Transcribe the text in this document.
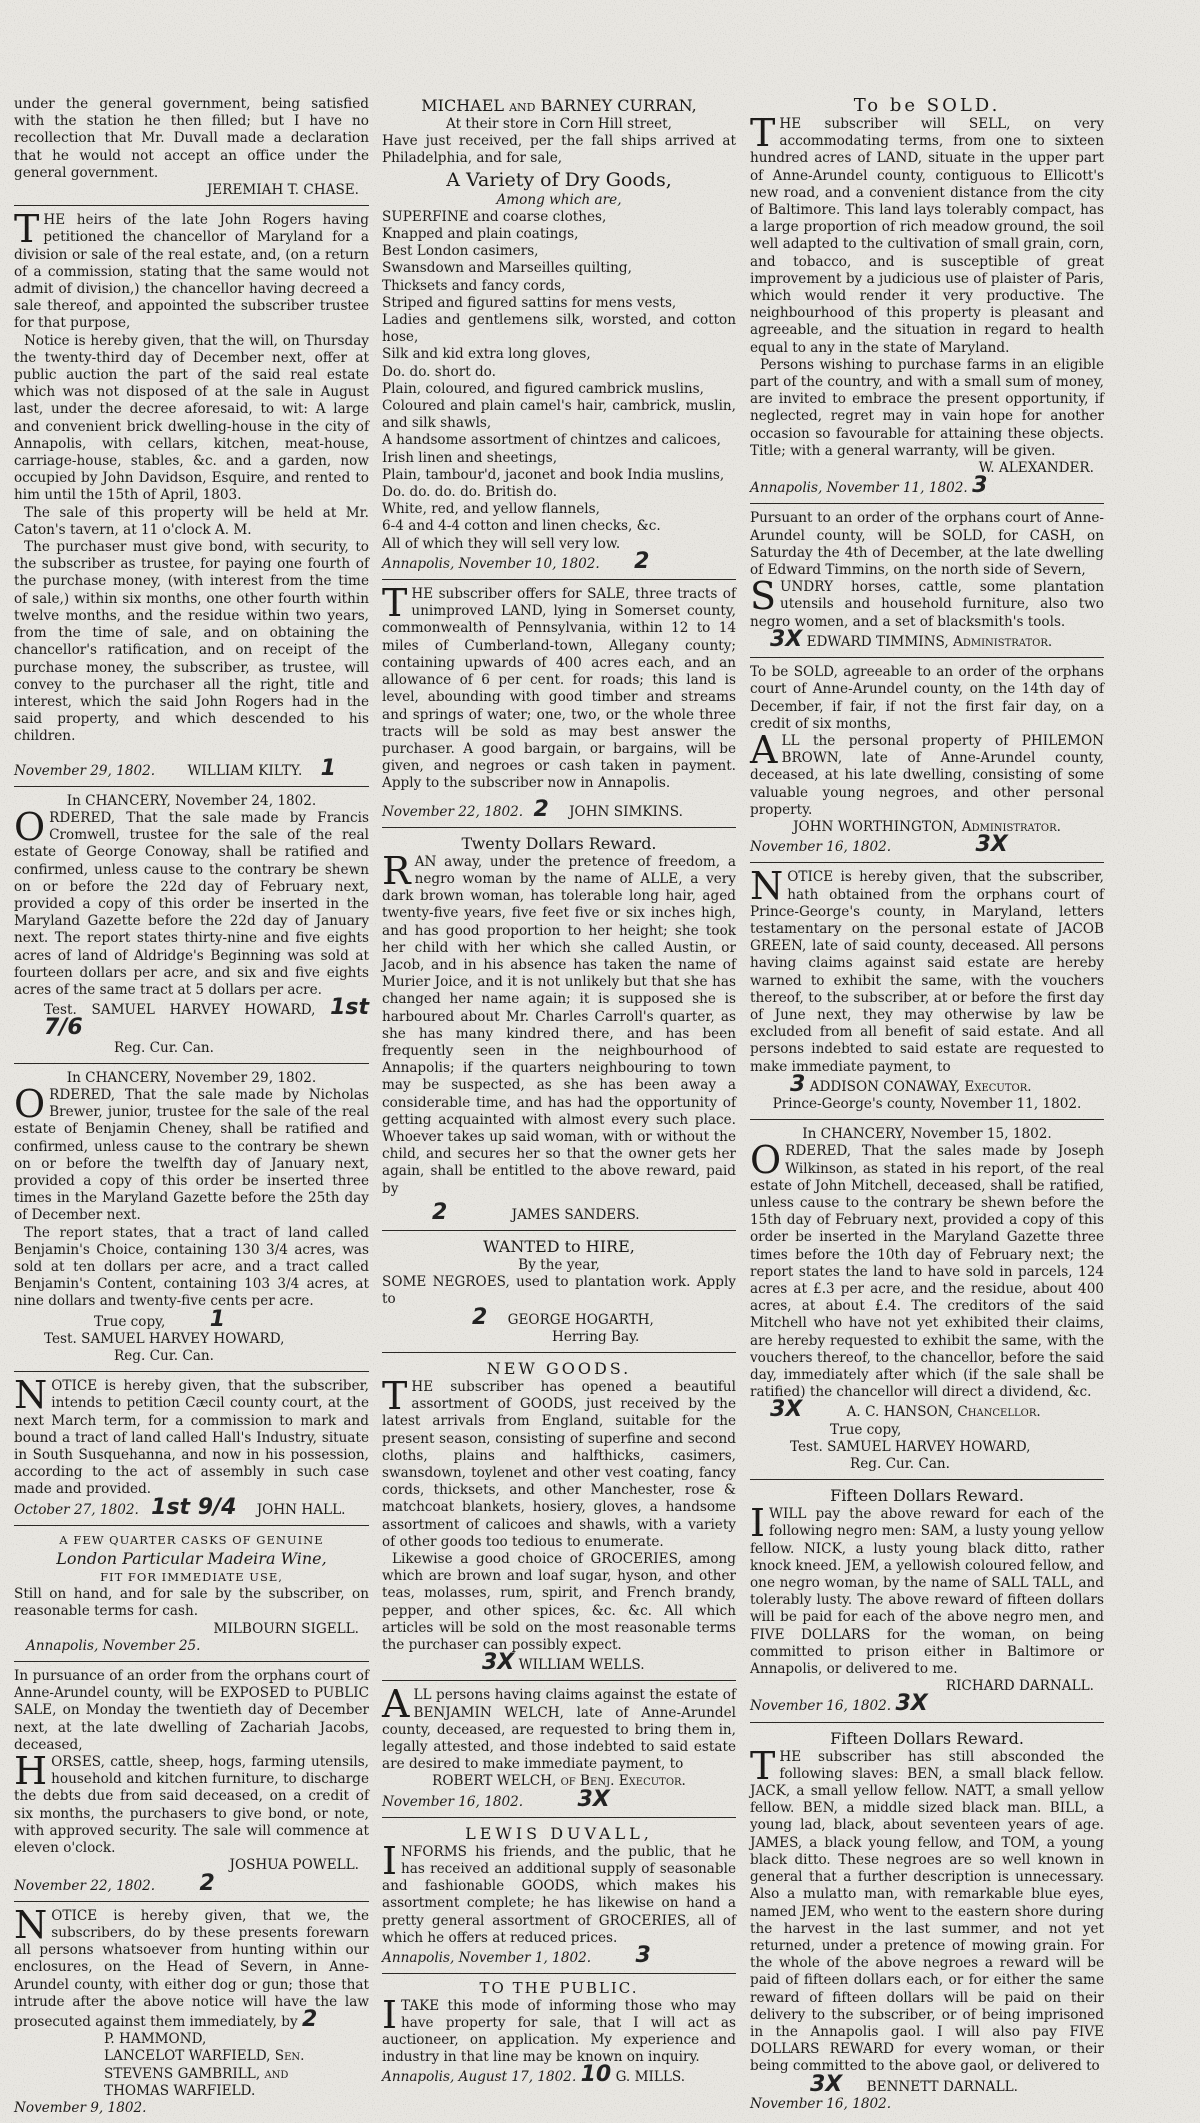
under the general government, being satisfied with the station he then filled; but I have no recollection that Mr. Duvall made a declaration that he would not accept an office under the general government.

JEREMIAH T. CHASE.

THE heirs of the late John Rogers having petitioned the chancellor of Maryland for a division or sale of the real estate, and, (on a return of a commission, stating that the same would not admit of division,) the chancellor having decreed a sale thereof, and appointed the subscriber trustee for that purpose,

Notice is hereby given, that the will, on Thursday the twenty-third day of December next, offer at public auction the part of the said real estate which was not disposed of at the sale in August last, under the decree aforesaid, to wit: A large and convenient brick dwelling-house in the city of Annapolis, with cellars, kitchen, meat-house, carriage-house, stables, &c. and a garden, now occupied by John Davidson, Esquire, and rented to him until the 15th of April, 1803.

The sale of this property will be held at Mr. Caton's tavern, at 11 o'clock A. M.

The purchaser must give bond, with security, to the subscriber as trustee, for paying one fourth of the purchase money, (with interest from the time of sale,) within six months, one other fourth within twelve months, and the residue within two years, from the time of sale, and on obtaining the chancellor's ratification, and on receipt of the purchase money, the subscriber, as trustee, will convey to the purchaser all the right, title and interest, which the said John Rogers had in the said property, and which descended to his children.

November 29, 1802. WILLIAM KILTY. 1
In CHANCERY, November 24, 1802.

ORDERED, That the sale made by Francis Cromwell, trustee for the sale of the real estate of George Conoway, shall be ratified and confirmed, unless cause to the contrary be shewn on or before the 22d day of February next, provided a copy of this order be inserted in the Maryland Gazette before the 22d day of January next. The report states thirty-nine and five eights acres of land of Aldridge's Beginning was sold at fourteen dollars per acre, and six and five eights acres of the same tract at 5 dollars per acre.

Test. SAMUEL HARVEY HOWARD, 1st 7/6
Reg. Cur. Can.
In CHANCERY, November 29, 1802.

ORDERED, That the sale made by Nicholas Brewer, junior, trustee for the sale of the real estate of Benjamin Cheney, shall be ratified and confirmed, unless cause to the contrary be shewn on or before the twelfth day of January next, provided a copy of this order be inserted three times in the Maryland Gazette before the 25th day of December next.

The report states, that a tract of land called Benjamin's Choice, containing 130 3/4 acres, was sold at ten dollars per acre, and a tract called Benjamin's Content, containing 103 3/4 acres, at nine dollars and twenty-five cents per acre.

True copy, 1
Test. SAMUEL HARVEY HOWARD,
Reg. Cur. Can.

NOTICE is hereby given, that the subscriber, intends to petition Cæcil county court, at the next March term, for a commission to mark and bound a tract of land called Hall's Industry, situate in South Susquehanna, and now in his possession, according to the act of assembly in such case made and provided.

October 27, 1802. 1st 9/4 JOHN HALL.
A FEW QUARTER CASKS OF GENUINE
London Particular Madeira Wine,
FIT FOR IMMEDIATE USE,

Still on hand, and for sale by the subscriber, on reasonable terms for cash.

MILBOURN SIGELL.
Annapolis, November 25.

In pursuance of an order from the orphans court of Anne-Arundel county, will be EXPOSED to PUBLIC SALE, on Monday the twentieth day of December next, at the late dwelling of Zachariah Jacobs, deceased,

HORSES, cattle, sheep, hogs, farming utensils, household and kitchen furniture, to discharge the debts due from said deceased, on a credit of six months, the purchasers to give bond, or note, with approved security. The sale will commence at eleven o'clock.

JOSHUA POWELL.
November 22, 1802. 2

NOTICE is hereby given, that we, the subscribers, do by these presents forewarn all persons whatsoever from hunting within our enclosures, on the Head of Severn, in Anne-Arundel county, with either dog or gun; those that intrude after the above notice will have the law prosecuted against them immediately, by 2

P. HAMMOND,
LANCELOT WARFIELD, Sen.
STEVENS GAMBRILL, and
THOMAS WARFIELD.
November 9, 1802.
MICHAEL and BARNEY CURRAN,
At their store in Corn Hill street,

Have just received, per the fall ships arrived at Philadelphia, and for sale,

A Variety of Dry Goods,
Among which are,

SUPERFINE and coarse clothes,

Knapped and plain coatings,

Best London casimers,

Swansdown and Marseilles quilting,

Thicksets and fancy cords,

Striped and figured sattins for mens vests,

Ladies and gentlemens silk, worsted, and cotton hose,

Silk and kid extra long gloves,

Do. do. short do.

Plain, coloured, and figured cambrick muslins,

Coloured and plain camel's hair, cambrick, muslin, and silk shawls,

A handsome assortment of chintzes and calicoes,

Irish linen and sheetings,

Plain, tambour'd, jaconet and book India muslins,

Do. do. do. do. British do.

White, red, and yellow flannels,

6-4 and 4-4 cotton and linen checks, &c.

All of which they will sell very low.

Annapolis, November 10, 1802. 2

THE subscriber offers for SALE, three tracts of unimproved LAND, lying in Somerset county, commonwealth of Pennsylvania, within 12 to 14 miles of Cumberland-town, Allegany county; containing upwards of 400 acres each, and an allowance of 6 per cent. for roads; this land is level, abounding with good timber and streams and springs of water; one, two, or the whole three tracts will be sold as may best answer the purchaser. A good bargain, or bargains, will be given, and negroes or cash taken in payment. Apply to the subscriber now in Annapolis.

November 22, 1802. 2 JOHN SIMKINS.
Twenty Dollars Reward.

RAN away, under the pretence of freedom, a negro woman by the name of ALLE, a very dark brown woman, has tolerable long hair, aged twenty-five years, five feet five or six inches high, and has good proportion to her height; she took her child with her which she called Austin, or Jacob, and in his absence has taken the name of Murier Joice, and it is not unlikely but that she has changed her name again; it is supposed she is harboured about Mr. Charles Carroll's quarter, as she has many kindred there, and has been frequently seen in the neighbourhood of Annapolis; if the quarters neighbouring to town may be suspected, as she has been away a considerable time, and has had the opportunity of getting acquainted with almost every such place. Whoever takes up said woman, with or without the child, and secures her so that the owner gets her again, shall be entitled to the above reward, paid by

2	JAMES SANDERS.
WANTED to HIRE,
By the year,

SOME NEGROES, used to plantation work. Apply to

2 GEORGE HOGARTH,
Herring Bay.
NEW GOODS.

THE subscriber has opened a beautiful assortment of GOODS, just received by the latest arrivals from England, suitable for the present season, consisting of superfine and second cloths, plains and halfthicks, casimers, swansdown, toylenet and other vest coating, fancy cords, thicksets, and other Manchester, rose & matchcoat blankets, hosiery, gloves, a handsome assortment of calicoes and shawls, with a variety of other goods too tedious to enumerate.

Likewise a good choice of GROCERIES, among which are brown and loaf sugar, hyson, and other teas, molasses, rum, spirit, and French brandy, pepper, and other spices, &c. &c. All which articles will be sold on the most reasonable terms the purchaser can possibly expect.

3X WILLIAM WELLS.

ALL persons having claims against the estate of BENJAMIN WELCH, late of Anne-Arundel county, deceased, are requested to bring them in, legally attested, and those indebted to said estate are desired to make immediate payment, to

ROBERT WELCH, of Benj. Executor.
November 16, 1802. 3X
LEWIS DUVALL,

INFORMS his friends, and the public, that he has received an additional supply of seasonable and fashionable GOODS, which makes his assortment complete; he has likewise on hand a pretty general assortment of GROCERIES, all of which he offers at reduced prices.

Annapolis, November 1, 1802. 3
TO THE PUBLIC.

ITAKE this mode of informing those who may have property for sale, that I will act as auctioneer, on application. My experience and industry in that line may be known on inquiry.

Annapolis, August 17, 1802. 10 G. MILLS.
To be SOLD.

THE subscriber will SELL, on very accommodating terms, from one to sixteen hundred acres of LAND, situate in the upper part of Anne-Arundel county, contiguous to Ellicott's new road, and a convenient distance from the city of Baltimore. This land lays tolerably compact, has a large proportion of rich meadow ground, the soil well adapted to the cultivation of small grain, corn, and tobacco, and is susceptible of great improvement by a judicious use of plaister of Paris, which would render it very productive. The neighbourhood of this property is pleasant and agreeable, and the situation in regard to health equal to any in the state of Maryland.

Persons wishing to purchase farms in an eligible part of the country, and with a small sum of money, are invited to embrace the present opportunity, if neglected, regret may in vain hope for another occasion so favourable for attaining these objects. Title; with a general warranty, will be given.

W. ALEXANDER.
Annapolis, November 11, 1802. 3

Pursuant to an order of the orphans court of Anne-Arundel county, will be SOLD, for CASH, on Saturday the 4th of December, at the late dwelling of Edward Timmins, on the north side of Severn,

SUNDRY horses, cattle, some plantation utensils and household furniture, also two negro women, and a set of blacksmith's tools.

3X EDWARD TIMMINS, Administrator.

To be SOLD, agreeable to an order of the orphans court of Anne-Arundel county, on the 14th day of December, if fair, if not the first fair day, on a credit of six months,

ALL the personal property of PHILEMON BROWN, late of Anne-Arundel county, deceased, at his late dwelling, consisting of some valuable young negroes, and other personal property.

JOHN WORTHINGTON, Administrator.
November 16, 1802.	3X

NOTICE is hereby given, that the subscriber, hath obtained from the orphans court of Prince-George's county, in Maryland, letters testamentary on the personal estate of JACOB GREEN, late of said county, deceased. All persons having claims against said estate are hereby warned to exhibit the same, with the vouchers thereof, to the subscriber, at or before the first day of June next, they may otherwise by law be excluded from all benefit of said estate. And all persons indebted to said estate are requested to make immediate payment, to

3 ADDISON CONAWAY, Executor.
Prince-George's county, November 11, 1802.
In CHANCERY, November 15, 1802.

ORDERED, That the sales made by Joseph Wilkinson, as stated in his report, of the real estate of John Mitchell, deceased, shall be ratified, unless cause to the contrary be shewn before the 15th day of February next, provided a copy of this order be inserted in the Maryland Gazette three times before the 10th day of February next; the report states the land to have sold in parcels, 124 acres at £.3 per acre, and the residue, about 400 acres, at about £.4. The creditors of the said Mitchell who have not yet exhibited their claims, are hereby requested to exhibit the same, with the vouchers thereof, to the chancellor, before the said day, immediately after which (if the sale shall be ratified) the chancellor will direct a dividend, &c.

3X	A. C. HANSON, Chancellor.
True copy,
Test. SAMUEL HARVEY HOWARD,
Reg. Cur. Can.
Fifteen Dollars Reward.

IWILL pay the above reward for each of the following negro men: SAM, a lusty young yellow fellow. NICK, a lusty young black ditto, rather knock kneed. JEM, a yellowish coloured fellow, and one negro woman, by the name of SALL TALL, and tolerably lusty. The above reward of fifteen dollars will be paid for each of the above negro men, and FIVE DOLLARS for the woman, on being committed to prison either in Baltimore or Annapolis, or delivered to me.

RICHARD DARNALL.
November 16, 1802. 3X
Fifteen Dollars Reward.

THE subscriber has still absconded the following slaves: BEN, a small black fellow. JACK, a small yellow fellow. NATT, a small yellow fellow. BEN, a middle sized black man. BILL, a young lad, black, about seventeen years of age. JAMES, a black young fellow, and TOM, a young black ditto. These negroes are so well known in general that a further description is unnecessary. Also a mulatto man, with remarkable blue eyes, named JEM, who went to the eastern shore during the harvest in the last summer, and not yet returned, under a pretence of mowing grain. For the whole of the above negroes a reward will be paid of fifteen dollars each, or for either the same reward of fifteen dollars will be paid on their delivery to the subscriber, or of being imprisoned in the Annapolis gaol. I will also pay FIVE DOLLARS REWARD for every woman, or their being committed to the above gaol, or delivered to

3X BENNETT DARNALL.
November 16, 1802.
